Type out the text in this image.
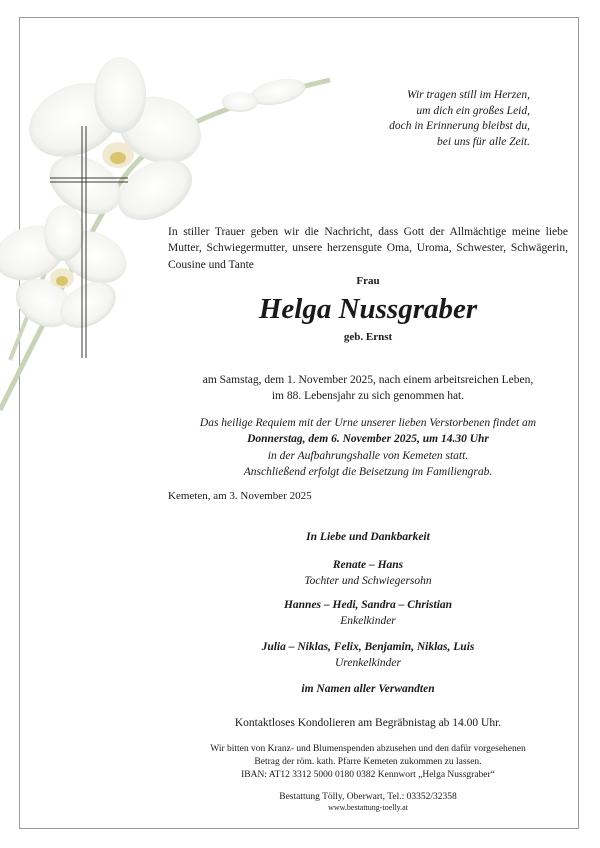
Wir tragen still im Herzen,
um dich ein großes Leid,
doch in Erinnerung bleibst du,
bei uns für alle Zeit.

In stiller Trauer geben wir die Nachricht, dass Gott der Allmächtige meine liebe Mutter, Schwiegermutter, unsere herzensgute Oma, Uroma, Schwester, Schwägerin, Cousine und Tante

Frau
Helga Nussgraber
geb. Ernst
am Samstag, dem 1. November 2025, nach einem arbeitsreichen Leben,
im 88. Lebensjahr zu sich genommen hat.
Das heilige Requiem mit der Urne unserer lieben Verstorbenen findet am
Donnerstag, dem 6. November 2025, um 14.30 Uhr
in der Aufbahrungshalle von Kemeten statt.
Anschließend erfolgt die Beisetzung im Familiengrab.
Kemeten, am 3. November 2025
In Liebe und Dankbarkeit
Renate – Hans
Tochter und Schwiegersohn
Hannes – Hedi, Sandra – Christian
Enkelkinder
Julia – Niklas, Felix, Benjamin, Niklas, Luis
Urenkelkinder
im Namen aller Verwandten
Kontaktloses Kondolieren am Begräbnistag ab 14.00 Uhr.
Wir bitten von Kranz- und Blumenspenden abzusehen und den dafür vorgesehenen
Betrag der röm. kath. Pfarre Kemeten zukommen zu lassen.
IBAN: AT12 3312 5000 0180 0382 Kennwort „Helga Nussgraber“
Bestattung Tölly, Oberwart, Tel.: 03352/32358
www.bestattung-toelly.at
